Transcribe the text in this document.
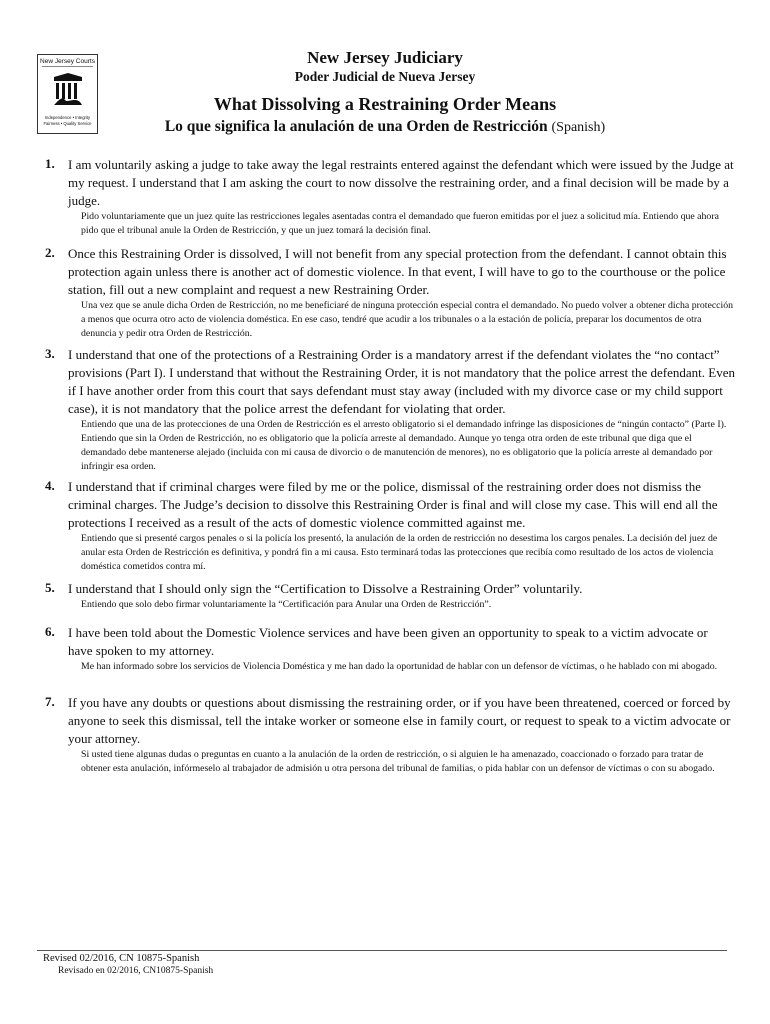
New Jersey Courts
Independence • Integrity
Fairness • Quality Service
New Jersey Judiciary
Poder Judicial de Nueva Jersey
What Dissolving a Restraining Order Means
Lo que significa la anulación de una Orden de Restricción (Spanish)
1. I am voluntarily asking a judge to take away the legal restraints entered against the defendant which were issued by the Judge at my request. I understand that I am asking the court to now dissolve the restraining order, and a final decision will be made by a judge.
Pido voluntariamente que un juez quite las restricciones legales asentadas contra el demandado que fueron emitidas por el juez a solicitud mía. Entiendo que ahora pido que el tribunal anule la Orden de Restricción, y que un juez tomará la decisión final.
2. Once this Restraining Order is dissolved, I will not benefit from any special protection from the defendant. I cannot obtain this protection again unless there is another act of domestic violence. In that event, I will have to go to the courthouse or the police station, fill out a new complaint and request a new Restraining Order.
Una vez que se anule dicha Orden de Restricción, no me beneficiaré de ninguna protección especial contra el demandado. No puedo volver a obtener dicha protección a menos que ocurra otro acto de violencia doméstica. En ese caso, tendré que acudir a los tribunales o a la estación de policía, preparar los documentos de otra denuncia y pedir otra Orden de Restricción.
3. I understand that one of the protections of a Restraining Order is a mandatory arrest if the defendant violates the “no contact” provisions (Part I). I understand that without the Restraining Order, it is not mandatory that the police arrest the defendant. Even if I have another order from this court that says defendant must stay away (included with my divorce case or my child support case), it is not mandatory that the police arrest the defendant for violating that order.
Entiendo que una de las protecciones de una Orden de Restricción es el arresto obligatorio si el demandado infringe las disposiciones de “ningún contacto” (Parte I). Entiendo que sin la Orden de Restricción, no es obligatorio que la policía arreste al demandado. Aunque yo tenga otra orden de este tribunal que diga que el demandado debe mantenerse alejado (incluida con mi causa de divorcio o de manutención de menores), no es obligatorio que la policía arreste al demandado por infringir esa orden.
4. I understand that if criminal charges were filed by me or the police, dismissal of the restraining order does not dismiss the criminal charges. The Judge’s decision to dissolve this Restraining Order is final and will close my case. This will end all the protections I received as a result of the acts of domestic violence committed against me.
Entiendo que si presenté cargos penales o si la policía los presentó, la anulación de la orden de restricción no desestima los cargos penales. La decisión del juez de anular esta Orden de Restricción es definitiva, y pondrá fin a mi causa. Esto terminará todas las protecciones que recibía como resultado de los actos de violencia doméstica cometidos contra mí.
5. I understand that I should only sign the “Certification to Dissolve a Restraining Order” voluntarily.
Entiendo que solo debo firmar voluntariamente la “Certificación para Anular una Orden de Restricción”.
6. I have been told about the Domestic Violence services and have been given an opportunity to speak to a victim advocate or have spoken to my attorney.
Me han informado sobre los servicios de Violencia Doméstica y me han dado la oportunidad de hablar con un defensor de víctimas, o he hablado con mi abogado.
7. If you have any doubts or questions about dismissing the restraining order, or if you have been threatened, coerced or forced by anyone to seek this dismissal, tell the intake worker or someone else in family court, or request to speak to a victim advocate or your attorney.
Si usted tiene algunas dudas o preguntas en cuanto a la anulación de la orden de restricción, o si alguien le ha amenazado, coaccionado o forzado para tratar de obtener esta anulación, infórmeselo al trabajador de admisión u otra persona del tribunal de familias, o pida hablar con un defensor de víctimas o con su abogado.
Revised 02/2016, CN 10875-Spanish
Revisado en 02/2016, CN10875-Spanish
